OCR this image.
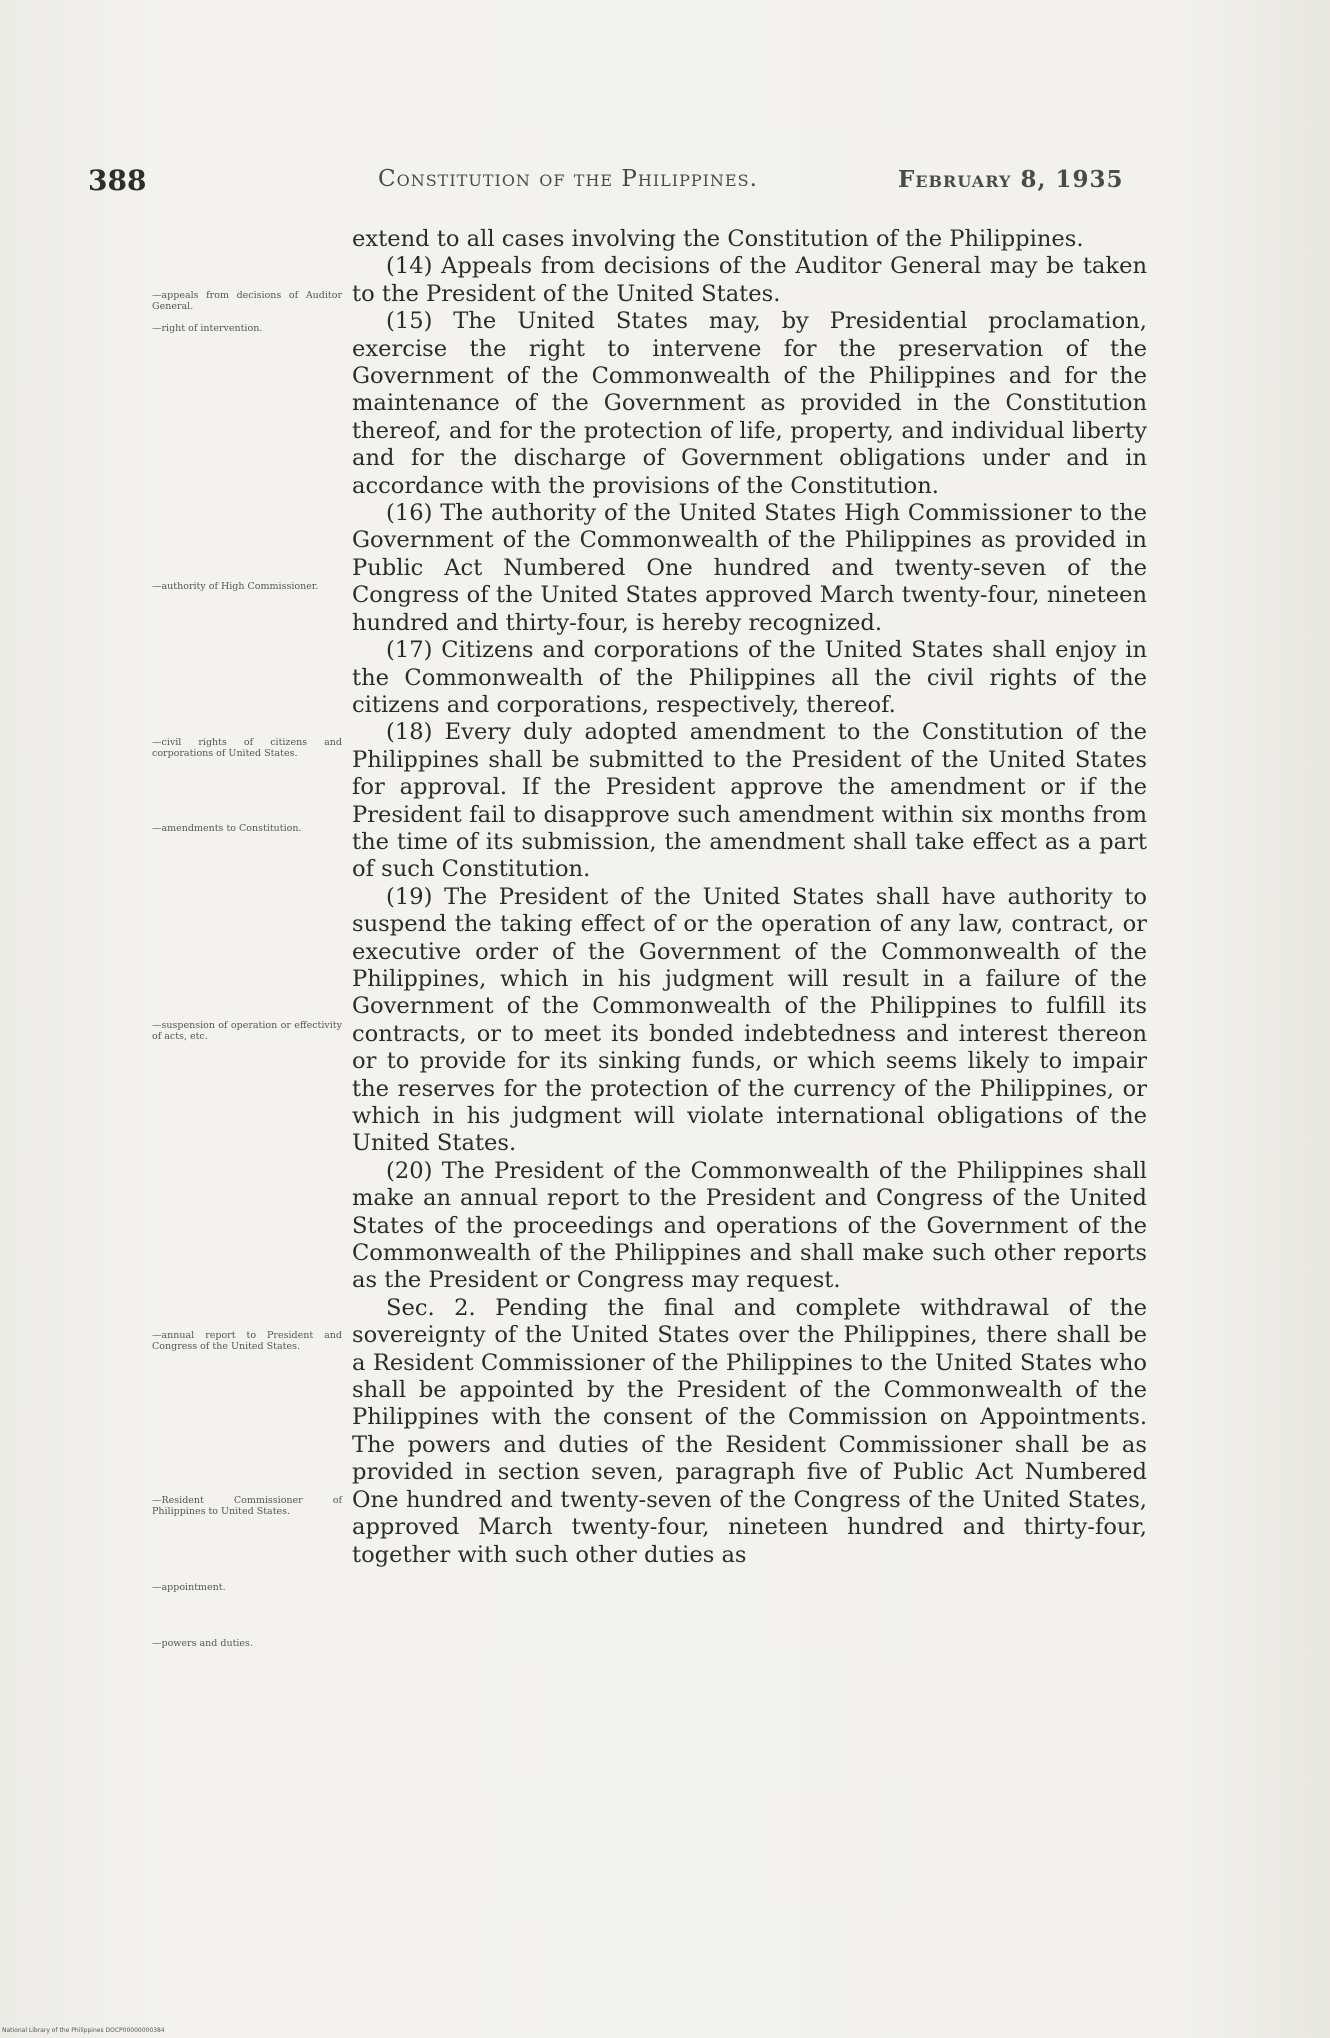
388	Constitution of the Philippines.	February 8, 1935
—appeals from decisions of Auditor General.
—right of intervention.
—authority of High Commissioner.
—civil rights of citizens and corporations of United States.
—amendments to Constitution.
—suspension of operation or effectivity of acts, etc.
—annual report to President and Congress of the United States.
—Resident Commissioner of Philippines to United States.
—appointment.
—powers and duties.

extend to all cases involving the Constitution of the Philippines.

(14) Appeals from decisions of the Auditor General may be taken to the President of the United States.

(15) The United States may, by Presidential proclamation, exercise the right to intervene for the preservation of the Government of the Commonwealth of the Philippines and for the maintenance of the Government as provided in the Constitution thereof, and for the protection of life, property, and individual liberty and for the discharge of Government obligations under and in accordance with the provisions of the Constitution.

(16) The authority of the United States High Commissioner to the Government of the Commonwealth of the Philippines as provided in Public Act Numbered One hundred and twenty-seven of the Congress of the United States approved March twenty-four, nineteen hundred and thirty-four, is hereby recognized.

(17) Citizens and corporations of the United States shall enjoy in the Commonwealth of the Philippines all the civil rights of the citizens and corporations, respectively, thereof.

(18) Every duly adopted amendment to the Constitution of the Philippines shall be submitted to the President of the United States for approval. If the President approve the amendment or if the President fail to disapprove such amendment within six months from the time of its submission, the amendment shall take effect as a part of such Constitution.

(19) The President of the United States shall have authority to suspend the taking effect of or the operation of any law, contract, or executive order of the Government of the Commonwealth of the Philippines, which in his judgment will result in a failure of the Government of the Commonwealth of the Philippines to fulfill its contracts, or to meet its bonded indebtedness and interest thereon or to provide for its sinking funds, or which seems likely to impair the reserves for the protection of the currency of the Philippines, or which in his judgment will violate international obligations of the United States.

(20) The President of the Commonwealth of the Philippines shall make an annual report to the President and Congress of the United States of the proceedings and operations of the Government of the Commonwealth of the Philippines and shall make such other reports as the President or Congress may request.

Sec. 2. Pending the final and complete withdrawal of the sovereignty of the United States over the Philippines, there shall be a Resident Commissioner of the Philippines to the United States who shall be appointed by the President of the Commonwealth of the Philippines with the consent of the Commission on Appointments. The powers and duties of the Resident Commissioner shall be as provided in section seven, paragraph five of Public Act Numbered One hundred and twenty-seven of the Congress of the United States, approved March twenty-four, nineteen hundred and thirty-four, together with such other duties as

National Library of the Philippines DOCP00000000384
